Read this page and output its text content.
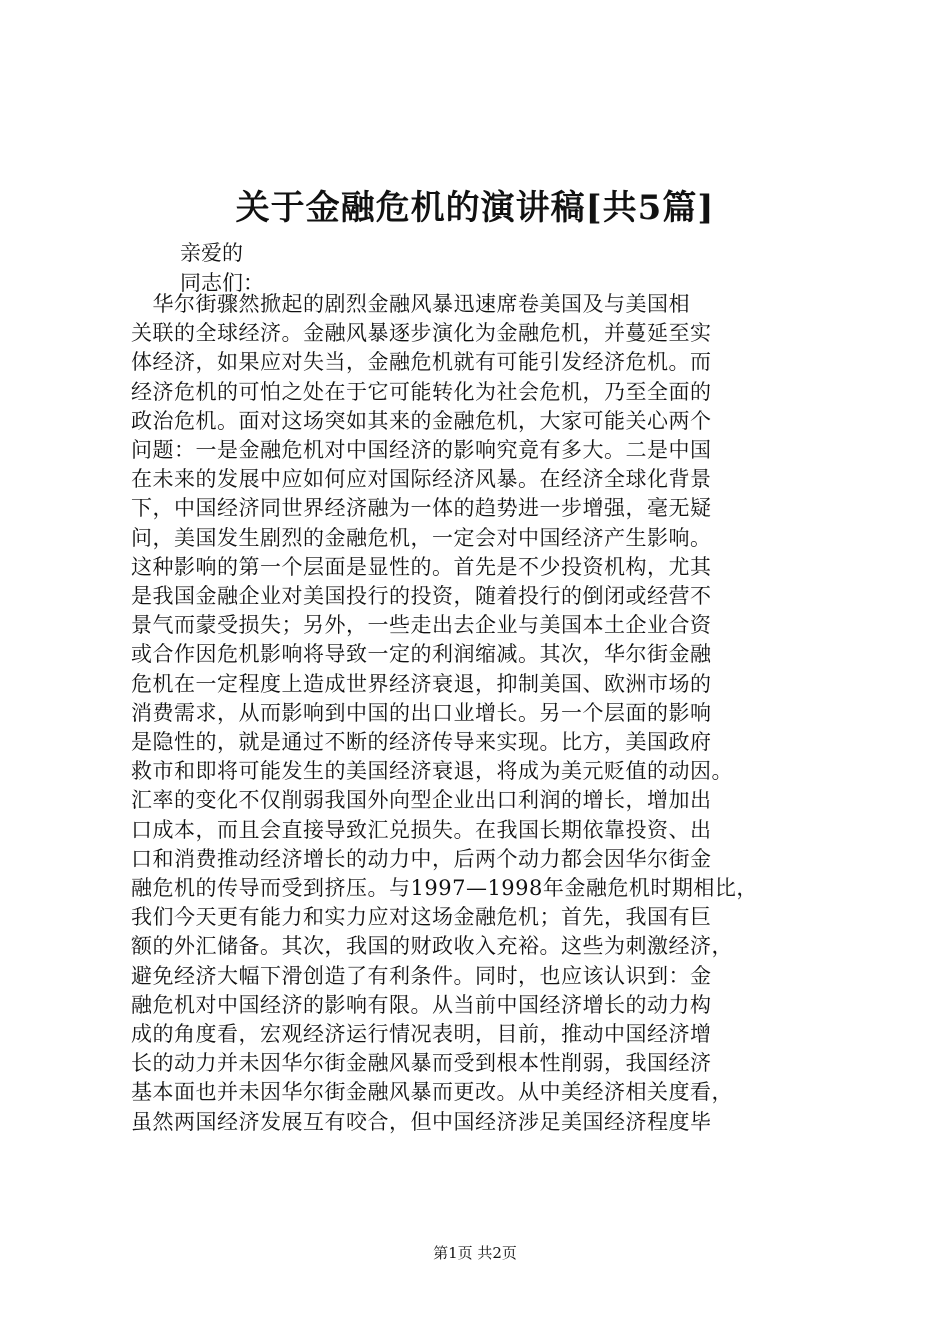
关于金融危机的演讲稿[共5篇]
亲爱的
同志们：
　华尔街骤然掀起的剧烈金融风暴迅速席卷美国及与美国相
关联的全球经济。金融风暴逐步演化为金融危机，并蔓延至实
体经济，如果应对失当，金融危机就有可能引发经济危机。而
经济危机的可怕之处在于它可能转化为社会危机，乃至全面的
政治危机。面对这场突如其来的金融危机，大家可能关心两个
问题：一是金融危机对中国经济的影响究竟有多大。二是中国
在未来的发展中应如何应对国际经济风暴。在经济全球化背景
下，中国经济同世界经济融为一体的趋势进一步增强，毫无疑
问，美国发生剧烈的金融危机，一定会对中国经济产生影响。
这种影响的第一个层面是显性的。首先是不少投资机构，尤其
是我国金融企业对美国投行的投资，随着投行的倒闭或经营不
景气而蒙受损失；另外，一些走出去企业与美国本土企业合资
或合作因危机影响将导致一定的利润缩减。其次，华尔街金融
危机在一定程度上造成世界经济衰退，抑制美国、欧洲市场的
消费需求，从而影响到中国的出口业增长。另一个层面的影响
是隐性的，就是通过不断的经济传导来实现。比方，美国政府
救市和即将可能发生的美国经济衰退，将成为美元贬值的动因。
汇率的变化不仅削弱我国外向型企业出口利润的增长，增加出
口成本，而且会直接导致汇兑损失。在我国长期依靠投资、出
口和消费推动经济增长的动力中，后两个动力都会因华尔街金
融危机的传导而受到挤压。与1997—1998年金融危机时期相比，
我们今天更有能力和实力应对这场金融危机；首先，我国有巨
额的外汇储备。其次，我国的财政收入充裕。这些为刺激经济，
避免经济大幅下滑创造了有利条件。同时，也应该认识到：金
融危机对中国经济的影响有限。从当前中国经济增长的动力构
成的角度看，宏观经济运行情况表明，目前，推动中国经济增
长的动力并未因华尔街金融风暴而受到根本性削弱，我国经济
基本面也并未因华尔街金融风暴而更改。从中美经济相关度看，
虽然两国经济发展互有咬合，但中国经济涉足美国经济程度毕
第1页 共2页
